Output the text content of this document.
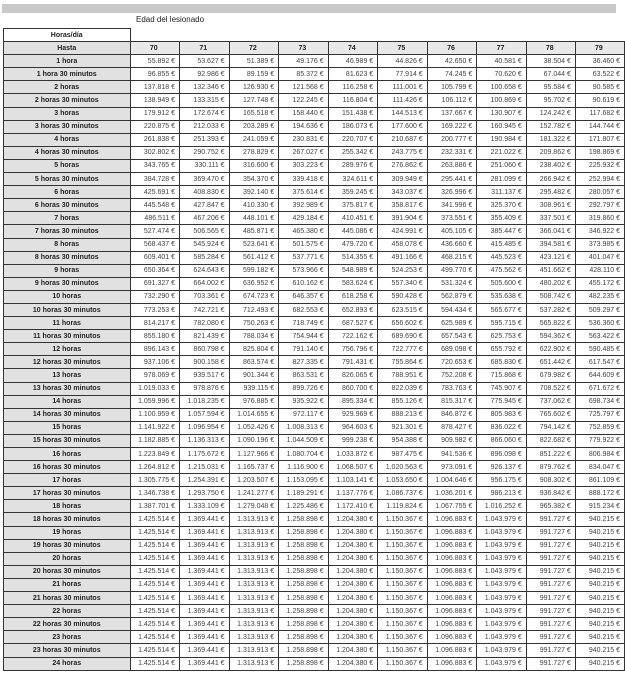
Edad del lesionado
Horas/día										
Hasta	70	71	72	73	74	75	76	77	78	79
1 hora	55.892 €	53.627 €	51.389 €	49.176 €	46.989 €	44.826 €	42.650 €	40.581 €	38.504 €	36.460 €
1 hora 30 minutos	96.855 €	92.986 €	89.159 €	85.372 €	81.623 €	77.914 €	74.245 €	70.620 €	67.044 €	63.522 €
2 horas	137.818 €	132.346 €	126.930 €	121.568 €	116.258 €	111.001 €	105.799 €	100.658 €	95.584 €	90.585 €
2 horas 30 minutos	138.949 €	133.315 €	127.748 €	122.245 €	116.804 €	111.426 €	106.112 €	100.869 €	95.702 €	90.619 €
3 horas	179.912 €	172.674 €	165.518 €	158.440 €	151.438 €	144.513 €	137.667 €	130.907 €	124.242 €	117.682 €
3 horas 30 minutos	220.875 €	212.033 €	203.289 €	194.636 €	186.073 €	177.600 €	169.222 €	160.945 €	152.782 €	144.744 €
4 horas	261.838 €	251.393 €	241.059 €	230.831 €	220.707 €	210.687 €	200.777 €	190.984 €	181.322 €	171.807 €
4 horas 30 minutos	302.802 €	290.752 €	278.829 €	267.027 €	255.342 €	243.775 €	232.331 €	221.022 €	209.862 €	198.869 €
5 horas	343.765 €	330.111 €	316.600 €	303.223 €	289.976 €	276.862 €	263.886 €	251.060 €	238.402 €	225.932 €
5 horas 30 minutos	384.728 €	369.470 €	354.370 €	339.418 €	324.611 €	309.949 €	295.441 €	281.099 €	266.942 €	252.994 €
6 horas	425.691 €	408.830 €	392.140 €	375.614 €	359.245 €	343.037 €	326.996 €	311.137 €	295.482 €	280.057 €
6 horas 30 minutos	445.548 €	427.847 €	410.330 €	392.989 €	375.817 €	358.817 €	341.996 €	325.370 €	308.961 €	292.797 €
7 horas	486.511 €	467.206 €	448.101 €	429.184 €	410.451 €	391.904 €	373.551 €	355.409 €	337.501 €	319.860 €
7 horas 30 minutos	527.474 €	506.565 €	485.871 €	465.380 €	445.086 €	424.991 €	405.105 €	385.447 €	366.041 €	346.922 €
8 horas	568.437 €	545.924 €	523.641 €	501.575 €	479.720 €	458.078 €	436.660 €	415.485 €	394.581 €	373.985 €
8 horas 30 minutos	609.401 €	585.284 €	561.412 €	537.771 €	514.355 €	491.166 €	468.215 €	445.523 €	423.121 €	401.047 €
9 horas	650.364 €	624.643 €	599.182 €	573.966 €	548.989 €	524.253 €	499.770 €	475.562 €	451.662 €	428.110 €
9 horas 30 minutos	691.327 €	664.002 €	636.952 €	610.162 €	583.624 €	557.340 €	531.324 €	505.600 €	480.202 €	455.172 €
10 horas	732.290 €	703.361 €	674.723 €	646.357 €	618.258 €	590.428 €	562.879 €	535.638 €	508.742 €	482.235 €
10 horas 30 minutos	773.253 €	742.721 €	712.493 €	682.553 €	652.893 €	623.515 €	594.434 €	565.677 €	537.282 €	509.297 €
11 horas	814.217 €	782.080 €	750.263 €	718.749 €	687.527 €	656.602 €	625.989 €	595.715 €	565.822 €	536.360 €
11 horas 30 minutos	855.180 €	821.439 €	788.034 €	754.944 €	722.162 €	689.690 €	657.543 €	625.753 €	594.362 €	563.422 €
12 horas	896.143 €	860.798 €	825.804 €	791.140 €	756.796 €	722.777 €	689.098 €	655.792 €	622.902 €	590.485 €
12 horas 30 minutos	937.106 €	900.158 €	863.574 €	827.335 €	791.431 €	755.864 €	720.653 €	685.830 €	651.442 €	617.547 €
13 horas	978.069 €	939.517 €	901.344 €	863.531 €	826.065 €	788.951 €	752.208 €	715.868 €	679.982 €	644.609 €
13 horas 30 minutos	1.019.033 €	978.876 €	939.115 €	899.726 €	860.700 €	822.039 €	783.763 €	745.907 €	708.522 €	671.672 €
14 horas	1.059.996 €	1.018.235 €	976.885 €	935.922 €	895.334 €	855.126 €	815.317 €	775.945 €	737.062 €	698.734 €
14 horas 30 minutos	1.100.959 €	1.057.594 €	1.014.655 €	972.117 €	929.969 €	888.213 €	846.872 €	805.983 €	765.602 €	725.797 €
15 horas	1.141.922 €	1.096.954 €	1.052.426 €	1.008.313 €	964.603 €	921.301 €	878.427 €	836.022 €	794.142 €	752.859 €
15 horas 30 minutos	1.182.885 €	1.136.313 €	1.090.196 €	1.044.509 €	999.238 €	954.388 €	909.982 €	866.060 €	822.682 €	779.922 €
16 horas	1.223.849 €	1.175.672 €	1.127.966 €	1.080.704 €	1.033.872 €	987.475 €	941.536 €	896.098 €	851.222 €	806.984 €
16 horas 30 minutos	1.264.812 €	1.215.031 €	1.165.737 €	1.116.900 €	1.068.507 €	1.020.563 €	973.091 €	926.137 €	879.762 €	834.047 €
17 horas	1.305.775 €	1.254.391 €	1.203.507 €	1.153.095 €	1.103.141 €	1.053.650 €	1.004.646 €	956.175 €	908.302 €	861.109 €
17 horas 30 minutos	1.346.738 €	1.293.750 €	1.241.277 €	1.189.291 €	1.137.776 €	1.086.737 €	1.036.201 €	986.213 €	936.842 €	888.172 €
18 horas	1.387.701 €	1.333.109 €	1.279.048 €	1.225.486 €	1.172.410 €	1.119.824 €	1.067.755 €	1.016.252 €	965.382 €	915.234 €
18 horas 30 minutos	1.425.514 €	1.369.441 €	1.313.913 €	1.258.898 €	1.204.380 €	1.150.367 €	1.096.883 €	1.043.979 €	991.727 €	940.215 €
19 horas	1.425.514 €	1.369.441 €	1.313.913 €	1.258.898 €	1.204.380 €	1.150.367 €	1.096.883 €	1.043.979 €	991.727 €	940.215 €
19 horas 30 minutos	1.425.514 €	1.369.441 €	1.313.913 €	1.258.898 €	1.204.380 €	1.150.367 €	1.096.883 €	1.043.979 €	991.727 €	940.215 €
20 horas	1.425.514 €	1.369.441 €	1.313.913 €	1.258.898 €	1.204.380 €	1.150.367 €	1.096.883 €	1.043.979 €	991.727 €	940.215 €
20 horas 30 minutos	1.425.514 €	1.369.441 €	1.313.913 €	1.258.898 €	1.204.380 €	1.150.367 €	1.096.883 €	1.043.979 €	991.727 €	940.215 €
21 horas	1.425.514 €	1.369.441 €	1.313.913 €	1.258.898 €	1.204.380 €	1.150.367 €	1.096.883 €	1.043.979 €	991.727 €	940.215 €
21 horas 30 minutos	1.425.514 €	1.369.441 €	1.313.913 €	1.258.898 €	1.204.380 €	1.150.367 €	1.096.883 €	1.043.979 €	991.727 €	940.215 €
22 horas	1.425.514 €	1.369.441 €	1.313.913 €	1.258.898 €	1.204.380 €	1.150.367 €	1.096.883 €	1.043.979 €	991.727 €	940.215 €
22 horas 30 minutos	1.425.514 €	1.369.441 €	1.313.913 €	1.258.898 €	1.204.380 €	1.150.367 €	1.096.883 €	1.043.979 €	991.727 €	940.215 €
23 horas	1.425.514 €	1.369.441 €	1.313.913 €	1.258.898 €	1.204.380 €	1.150.367 €	1.096.883 €	1.043.979 €	991.727 €	940.215 €
23 horas 30 minutos	1.425.514 €	1.369.441 €	1.313.913 €	1.258.898 €	1.204.380 €	1.150.367 €	1.096.883 €	1.043.979 €	991.727 €	940.215 €
24 horas	1.425.514 €	1.369.441 €	1.313.913 €	1.258.898 €	1.204.380 €	1.150.367 €	1.096.883 €	1.043.979 €	991.727 €	940.215 €
